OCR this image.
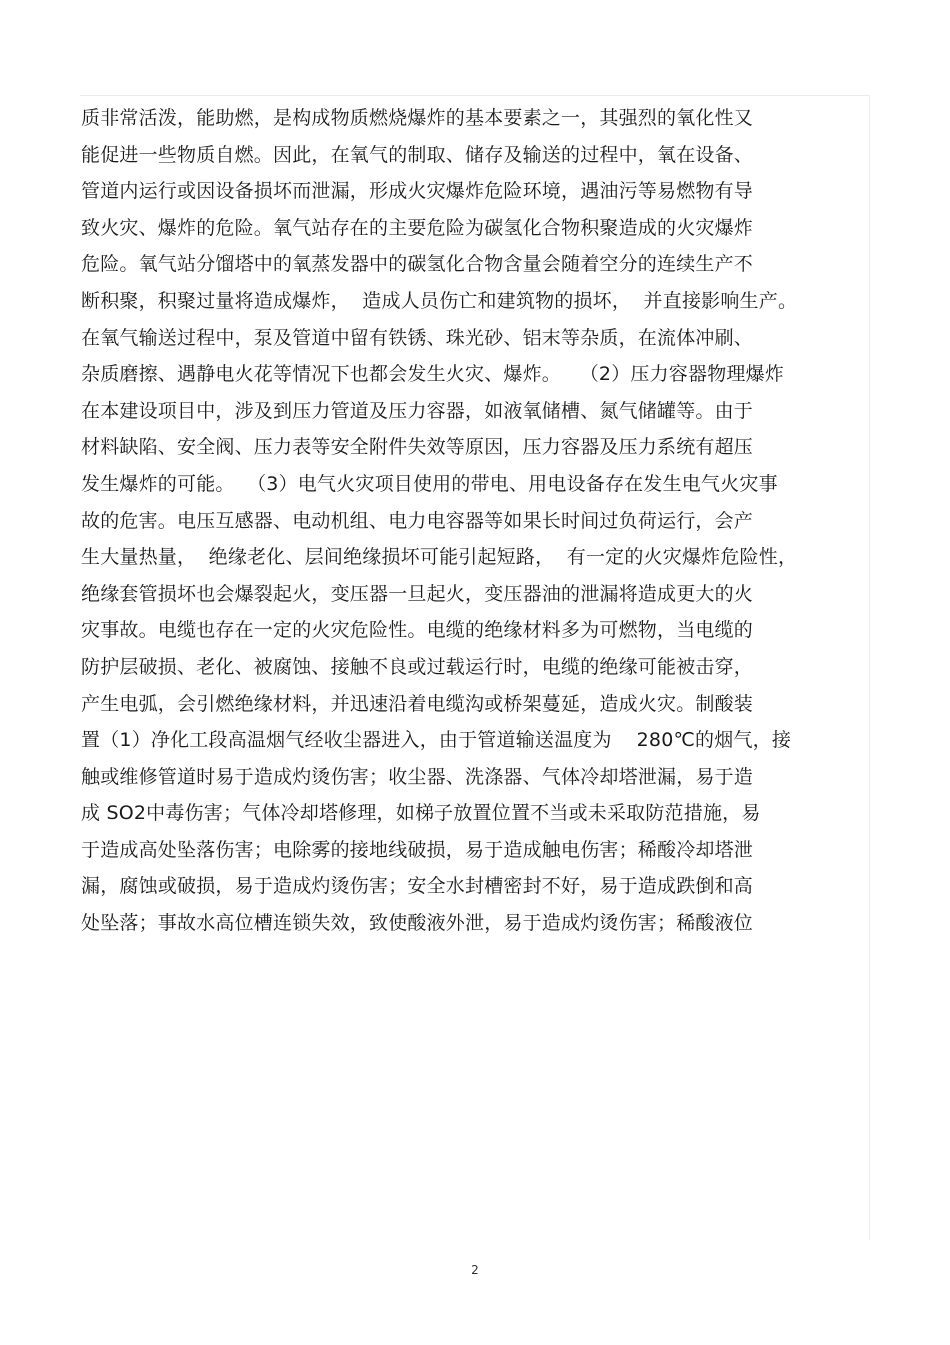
质非常活泼，能助燃，是构成物质燃烧爆炸的基本要素之一，其强烈的氧化性又
能促进一些物质自燃。因此，在氧气的制取、储存及输送的过程中，氧在设备、
管道内运行或因设备损坏而泄漏，形成火灾爆炸危险环境，遇油污等易燃物有导
致火灾、爆炸的危险。氧气站存在的主要危险为碳氢化合物积聚造成的火灾爆炸
危险。氧气站分馏塔中的氧蒸发器中的碳氢化合物含量会随着空分的连续生产不
断积聚，积聚过量将造成爆炸，  造成人员伤亡和建筑物的损坏，  并直接影响生产。
在氧气输送过程中，泵及管道中留有铁锈、珠光砂、铝末等杂质，在流体冲刷、
杂质磨擦、遇静电火花等情况下也都会发生火灾、爆炸。   （2）压力容器物理爆炸
在本建设项目中，涉及到压力管道及压力容器，如液氧储槽、氮气储罐等。由于
材料缺陷、安全阀、压力表等安全附件失效等原因，压力容器及压力系统有超压
发生爆炸的可能。  （3）电气火灾项目使用的带电、用电设备存在发生电气火灾事
故的危害。电压互感器、电动机组、电力电容器等如果长时间过负荷运行，会产
生大量热量，  绝缘老化、层间绝缘损坏可能引起短路，  有一定的火灾爆炸危险性，
绝缘套管损坏也会爆裂起火，变压器一旦起火，变压器油的泄漏将造成更大的火
灾事故。电缆也存在一定的火灾危险性。电缆的绝缘材料多为可燃物，当电缆的
防护层破损、老化、被腐蚀、接触不良或过载运行时，电缆的绝缘可能被击穿，
产生电弧，会引燃绝缘材料，并迅速沿着电缆沟或桥架蔓延，造成火灾。制酸装
置（1）净化工段高温烟气经收尘器进入，由于管道输送温度为    280℃的烟气，接
触或维修管道时易于造成灼烫伤害；收尘器、洗涤器、气体冷却塔泄漏，易于造
成 SO2中毒伤害；气体冷却塔修理，如梯子放置位置不当或未采取防范措施，易
于造成高处坠落伤害；电除雾的接地线破损，易于造成触电伤害；稀酸冷却塔泄
漏，腐蚀或破损，易于造成灼烫伤害；安全水封槽密封不好，易于造成跌倒和高
处坠落；事故水高位槽连锁失效，致使酸液外泄，易于造成灼烫伤害；稀酸液位
2
